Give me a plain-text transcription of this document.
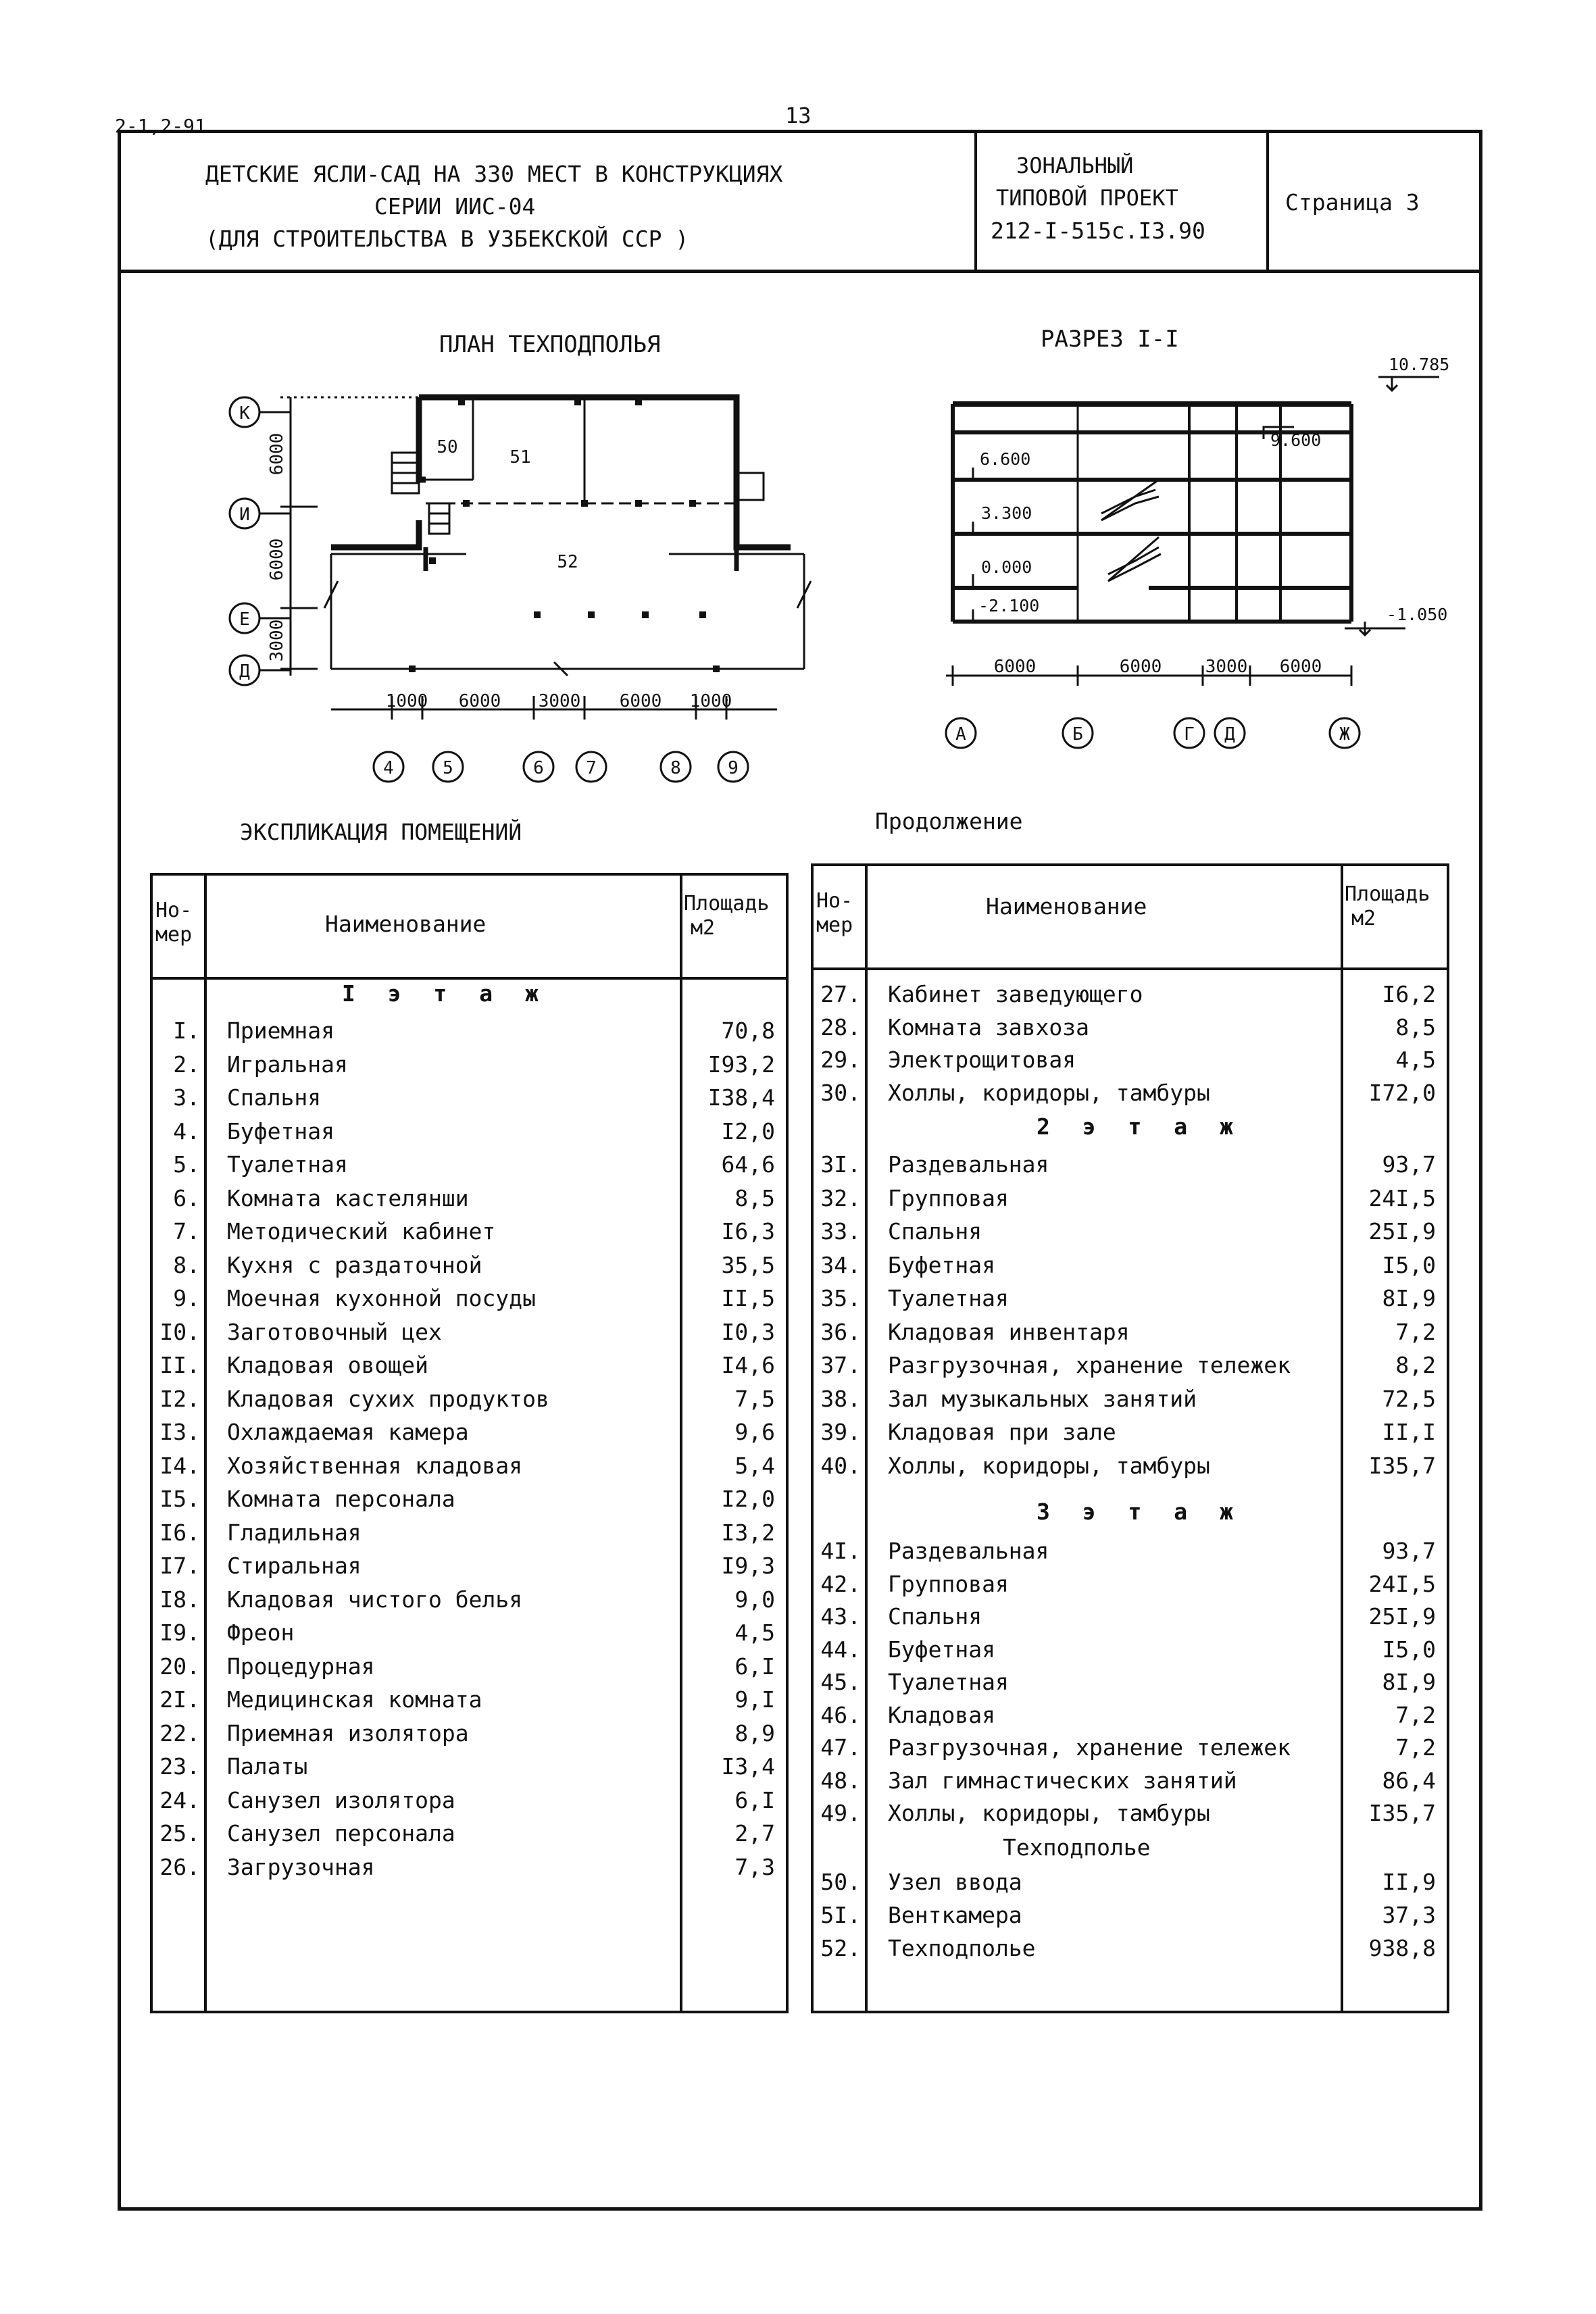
2-1,2-91	13
ДЕТСКИЕ ЯСЛИ-САД НА 330 МЕСТ В КОНСТРУКЦИЯХ
СЕРИИ ИИС-04
(ДЛЯ СТРОИТЕЛЬСТВА В УЗБЕКСКОЙ ССР )
ЗОНАЛЬНЫЙ
ТИПОВОЙ ПРОЕКТ
212-I-515c.I3.90
Страница 3
ПЛАН ТЕХПОДПОЛЬЯ
50	51
52
К
И
Е
Д
4	5	6 7	8	9
1000 6000 3000 6000 1000
6000
6000
3000
РАЗРЕЗ I-I
10.785
9.600
6.600
3.300
0.000
-2.100	-1.050
6000	6000 3000 6000
А	Б	Г Д	Ж
ЭКСПЛИКАЦИЯ ПОМЕЩЕНИЙ	Продолжение
Но-
мер	Наименование
Площадь
м2
I э т а ж
I. Приемная	70,8
2. Игральная	I93,2
3. Спальня	I38,4
4. Буфетная	I2,0
5. Туалетная	64,6
6. Комната кастелянши	8,5
7. Методический кабинет	I6,3
8. Кухня с раздаточной	35,5
9. Моечная кухонной посуды	II,5
I0. Заготовочный цех	I0,3
II. Кладовая овощей	I4,6
I2. Кладовая сухих продуктов	7,5
I3. Охлаждаемая камера	9,6
I4. Хозяйственная кладовая	5,4
I5. Комната персонала	I2,0
I6. Гладильная	I3,2
I7. Стиральная	I9,3
I8. Кладовая чистого белья	9,0
I9. Фреон	4,5
20. Процедурная	6,I
2I. Медицинская комната	9,I
22. Приемная изолятора	8,9
23. Палаты	I3,4
24. Санузел изолятора	6,I
25. Санузел персонала	2,7
26. Загрузочная	7,3
Но-
мер
Наименование	Площадь
м2
27. Кабинет заведующего	I6,2
28. Комната завхоза	8,5
29. Электрощитовая	4,5
30. Холлы, коридоры, тамбуры	I72,0
2 э т а ж
3I. Раздевальная	93,7
32. Групповая	24I,5
33. Спальня	25I,9
34. Буфетная	I5,0
35. Туалетная	8I,9
36. Кладовая инвентаря	7,2
37. Разгрузочная, хранение тележек	8,2
38. Зал музыкальных занятий	72,5
39. Кладовая при зале	II,I
40. Холлы, коридоры, тамбуры	I35,7
3 э т а ж
4I. Раздевальная	93,7
42. Групповая	24I,5
43. Спальня	25I,9
44. Буфетная	I5,0
45. Туалетная	8I,9
46. Кладовая	7,2
47. Разгрузочная, хранение тележек	7,2
48. Зал гимнастических занятий	86,4
49. Холлы, коридоры, тамбуры	I35,7
Техподполье
50. Узел ввода	II,9
5I. Венткамера	37,3
52. Техподполье	938,8
